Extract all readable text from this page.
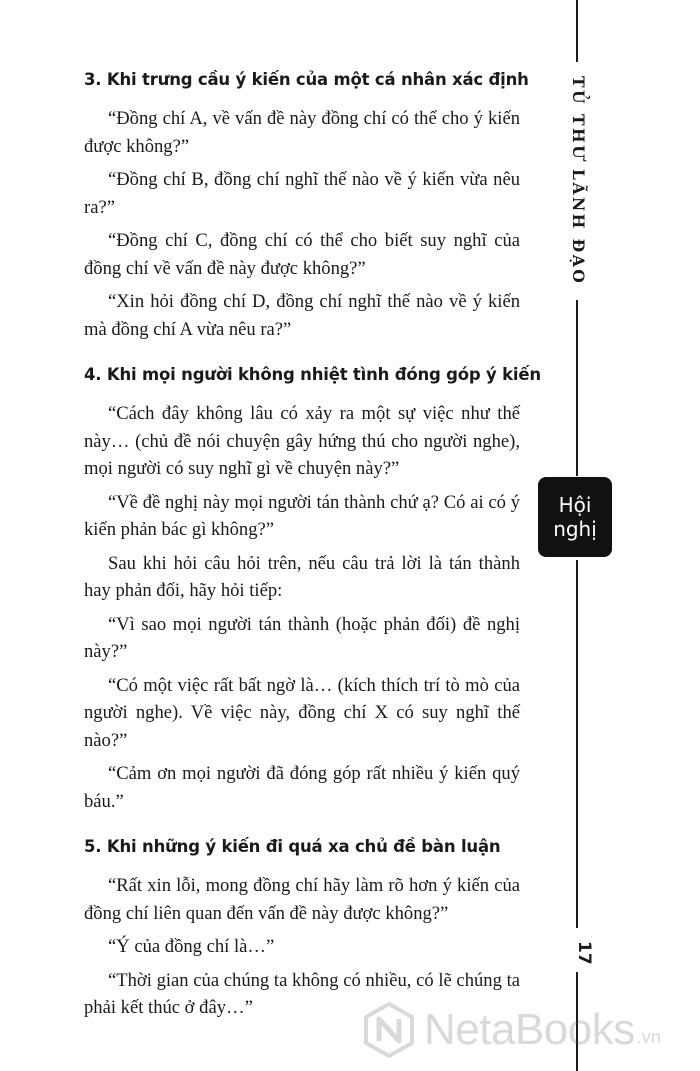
3. Khi trưng cầu ý kiến của một cá nhân xác định

“Đồng chí A, về vấn đề này đồng chí có thể cho ý kiến được không?”

“Đồng chí B, đồng chí nghĩ thế nào về ý kiến vừa nêu ra?”

“Đồng chí C, đồng chí có thể cho biết suy nghĩ của đồng chí về vấn đề này được không?”

“Xin hỏi đồng chí D, đồng chí nghĩ thế nào về ý kiến mà đồng chí A vừa nêu ra?”

4. Khi mọi người không nhiệt tình đóng góp ý kiến

“Cách đây không lâu có xảy ra một sự việc như thế này… (chủ đề nói chuyện gây hứng thú cho người nghe), mọi người có suy nghĩ gì về chuyện này?”

“Về đề nghị này mọi người tán thành chứ ạ? Có ai có ý kiến phản bác gì không?”

Sau khi hỏi câu hỏi trên, nếu câu trả lời là tán thành hay phản đối, hãy hỏi tiếp:

“Vì sao mọi người tán thành (hoặc phản đối) đề nghị này?”

“Có một việc rất bất ngờ là… (kích thích trí tò mò của người nghe). Về việc này, đồng chí X có suy nghĩ thế nào?”

“Cảm ơn mọi người đã đóng góp rất nhiều ý kiến quý báu.”

5. Khi những ý kiến đi quá xa chủ đề bàn luận

“Rất xin lỗi, mong đồng chí hãy làm rõ hơn ý kiến của đồng chí liên quan đến vấn đề này được không?”

“Ý của đồng chí là…”

“Thời gian của chúng ta không có nhiều, có lẽ chúng ta phải kết thúc ở đây…”

TỦ THƯ LÃNH ĐẠO
Hội
nghị
17
NetaBooks .vn
